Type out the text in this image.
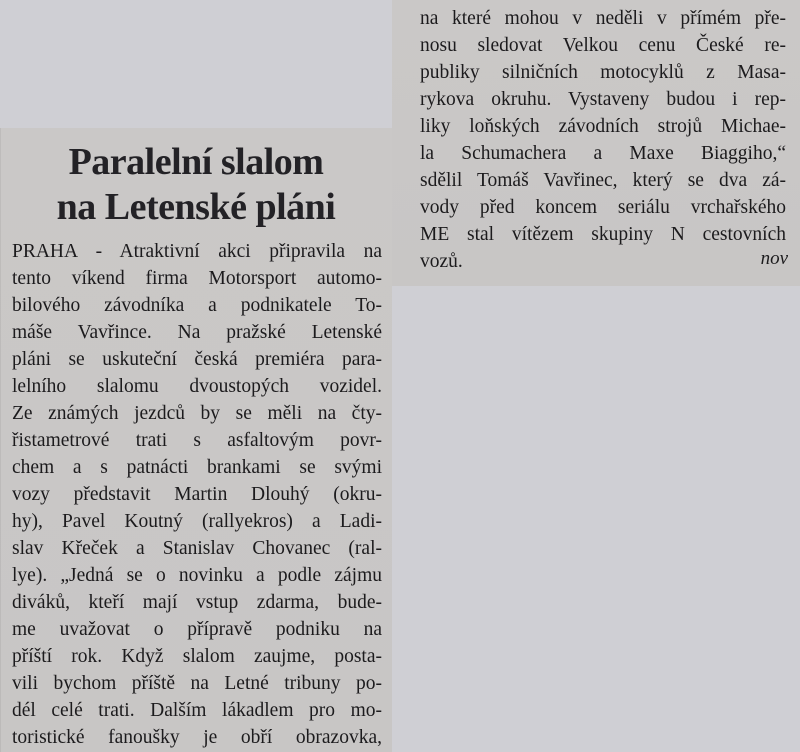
Paralelní slalom
na Letenské pláni
PRAHA - Atraktivní akci připravila na
tento víkend firma Motorsport automo-
bilového závodníka a podnikatele To-
máše Vavřince. Na pražské Letenské
pláni se uskuteční česká premiéra para-
lelního slalomu dvoustopých vozidel.
Ze známých jezdců by se měli na čty-
řistametrové trati s asfaltovým povr-
chem a s patnácti brankami se svými
vozy představit Martin Dlouhý (okru-
hy), Pavel Koutný (rallyekros) a Ladi-
slav Křeček a Stanislav Chovanec (ral-
lye). „Jedná se o novinku a podle zájmu
diváků, kteří mají vstup zdarma, bude-
me uvažovat o přípravě podniku na
příští rok. Když slalom zaujme, posta-
vili bychom příště na Letné tribuny po-
dél celé trati. Dalším lákadlem pro mo-
toristické fanoušky je obří obrazovka,
na které mohou v neděli v přímém pře-
nosu sledovat Velkou cenu České re-
publiky silničních motocyklů z Masa-
rykova okruhu. Vystaveny budou i rep-
liky loňských závodních strojů Michae-
la Schumachera a Maxe Biaggiho,“
sdělil Tomáš Vavřinec, který se dva zá-
vody před koncem seriálu vrchařského
ME stal vítězem skupiny N cestovních
vozů.	nov
